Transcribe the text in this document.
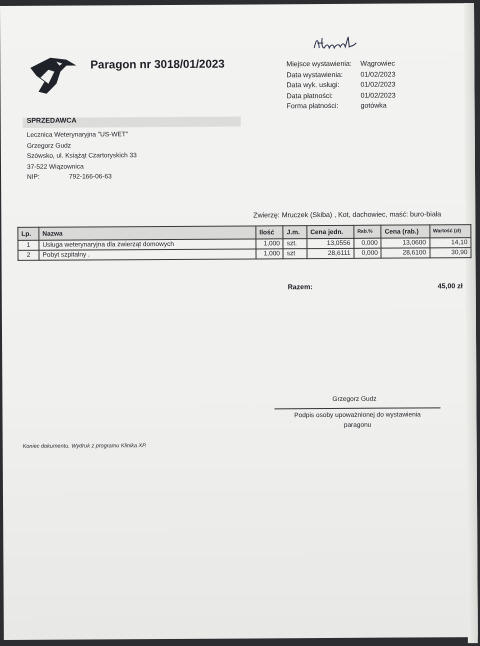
Paragon nr 3018/01/2023	Miejsce wystawienia:	Wągrowiec
Data wystawienia:	01/02/2023
Data wyk. usługi:	01/02/2023
Data płatności:	01/02/2023
Forma płatności:	gotówka
SPRZEDAWCA
Lecznica Weterynaryjna "US-WET"
Grzegorz Gudz
Szówsko, ul. Książąt Czartoryskich 33
37-522 Wiązownica
NIP:	792-166-06-63
Zwierzę: Mruczek (Skiba) , Kot, dachowiec, maść: buro-biała
Lp.	Nazwa	Ilość	J.m.	Cena jedn.	Rab.%	Cena (rab.)	Wartość (zł)
1	Usługa weterynaryjna dla zwierząt domowych	1,000	szt.	13,0556	0,000	13,0600	14,10
2	Pobyt szpitalny .	1,000	szt	28,6111	0,000	28,6100	30,90
Razem:	45,00 zł
Grzegorz Gudz
Podpis osoby upoważnionej do wystawienia
paragonu
Koniec dokumentu. Wydruk z programu Klinika XP.
